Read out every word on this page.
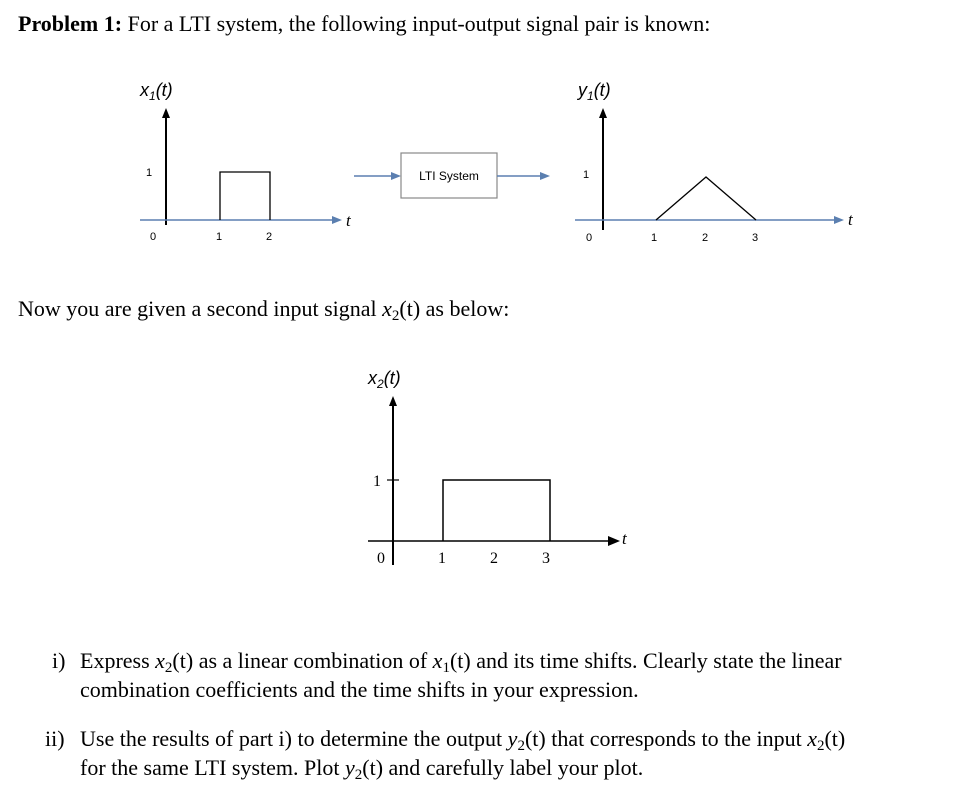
Problem 1: For a LTI system, the following input-output signal pair is known:
$x_1(t)$
1
0	1	2
t
LTI System
$y_1(t)$
1
0	1	2	3
t
Now you are given a second input signal $x_2(t)$ as below:
$x_2(t)$
1
0	1	2	3
t
i) Express $x_2(t)$ as a linear combination of $x_1(t)$ and its time shifts. Clearly state the linear
combination coefficients and the time shifts in your expression.
ii) Use the results of part i) to determine the output $y_2(t)$ that corresponds to the input $x_2(t)$
for the same LTI system. Plot $y_2(t)$ and carefully label your plot.
